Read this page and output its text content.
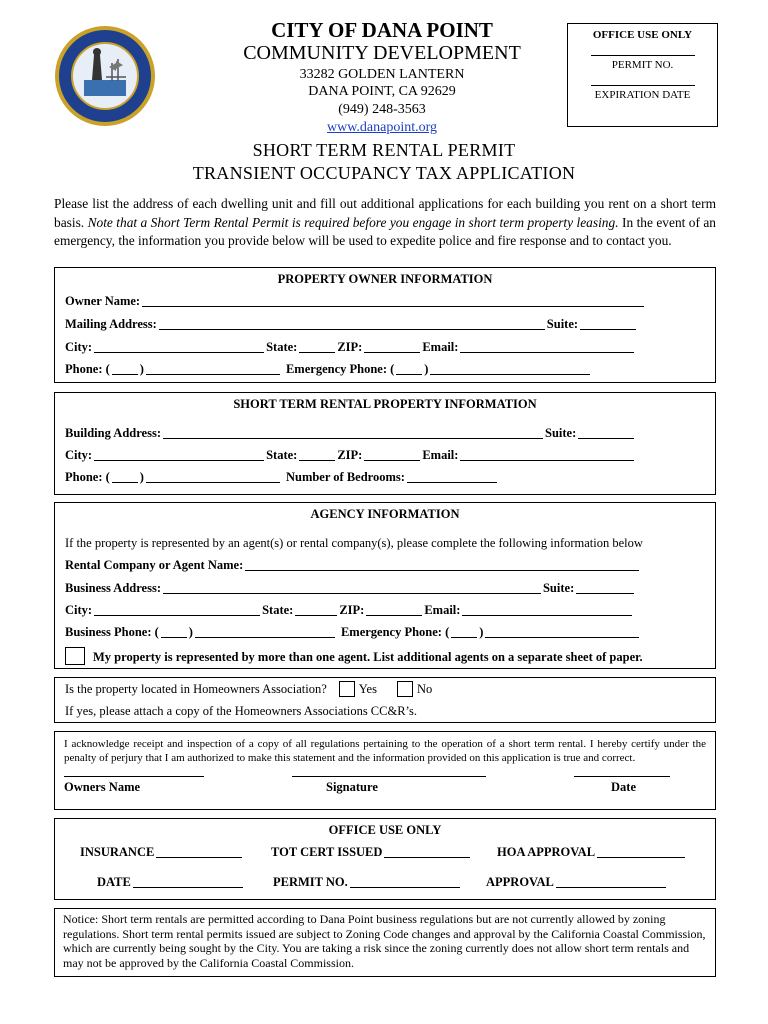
CITY OF DANA POINT
COMMUNITY DEVELOPMENT
33282 GOLDEN LANTERN
DANA POINT, CA 92629
(949) 248-3563
www.danapoint.org
OFFICE USE ONLY
PERMIT NO.
EXPIRATION DATE
SHORT TERM RENTAL PERMIT
TRANSIENT OCCUPANCY TAX APPLICATION
Please list the address of each dwelling unit and fill out additional applications for each building you rent on a short term basis. Note that a Short Term Rental Permit is required before you engage in short term property leasing. In the event of an emergency, the information you provide below will be used to expedite police and fire response and to contact you.
PROPERTY OWNER INFORMATION
Owner Name:
Mailing Address:	Suite:
City:	State:	ZIP:	Email:
Phone: ( )	Emergency Phone: ( )
SHORT TERM RENTAL PROPERTY INFORMATION
Building Address:	Suite:
City:	State:	ZIP:	Email:
Phone: ( )	Number of Bedrooms:
AGENCY INFORMATION
If the property is represented by an agent(s) or rental company(s), please complete the following information below
Rental Company or Agent Name:
Business Address:	Suite:
City:	State:	ZIP:	Email:
Business Phone: ( )	Emergency Phone: ( )
My property is represented by more than one agent. List additional agents on a separate sheet of paper.
Is the property located in Homeowners Association?	Yes	No
If yes, please attach a copy of the Homeowners Associations CC&R’s.
I acknowledge receipt and inspection of a copy of all regulations pertaining to the operation of a short term rental. I hereby certify under the penalty of perjury that I am authorized to make this statement and the information provided on this application is true and correct.
Owners Name	Signature	Date
OFFICE USE ONLY
INSURANCE	TOT CERT ISSUED	HOA APPROVAL
DATE	PERMIT NO.	APPROVAL
Notice: Short term rentals are permitted according to Dana Point business regulations but are not currently allowed by zoning regulations. Short term rental permits issued are subject to Zoning Code changes and approval by the California Coastal Commission, which are currently being sought by the City. You are taking a risk since the zoning currently does not allow short term rentals and may not be approved by the California Coastal Commission.
